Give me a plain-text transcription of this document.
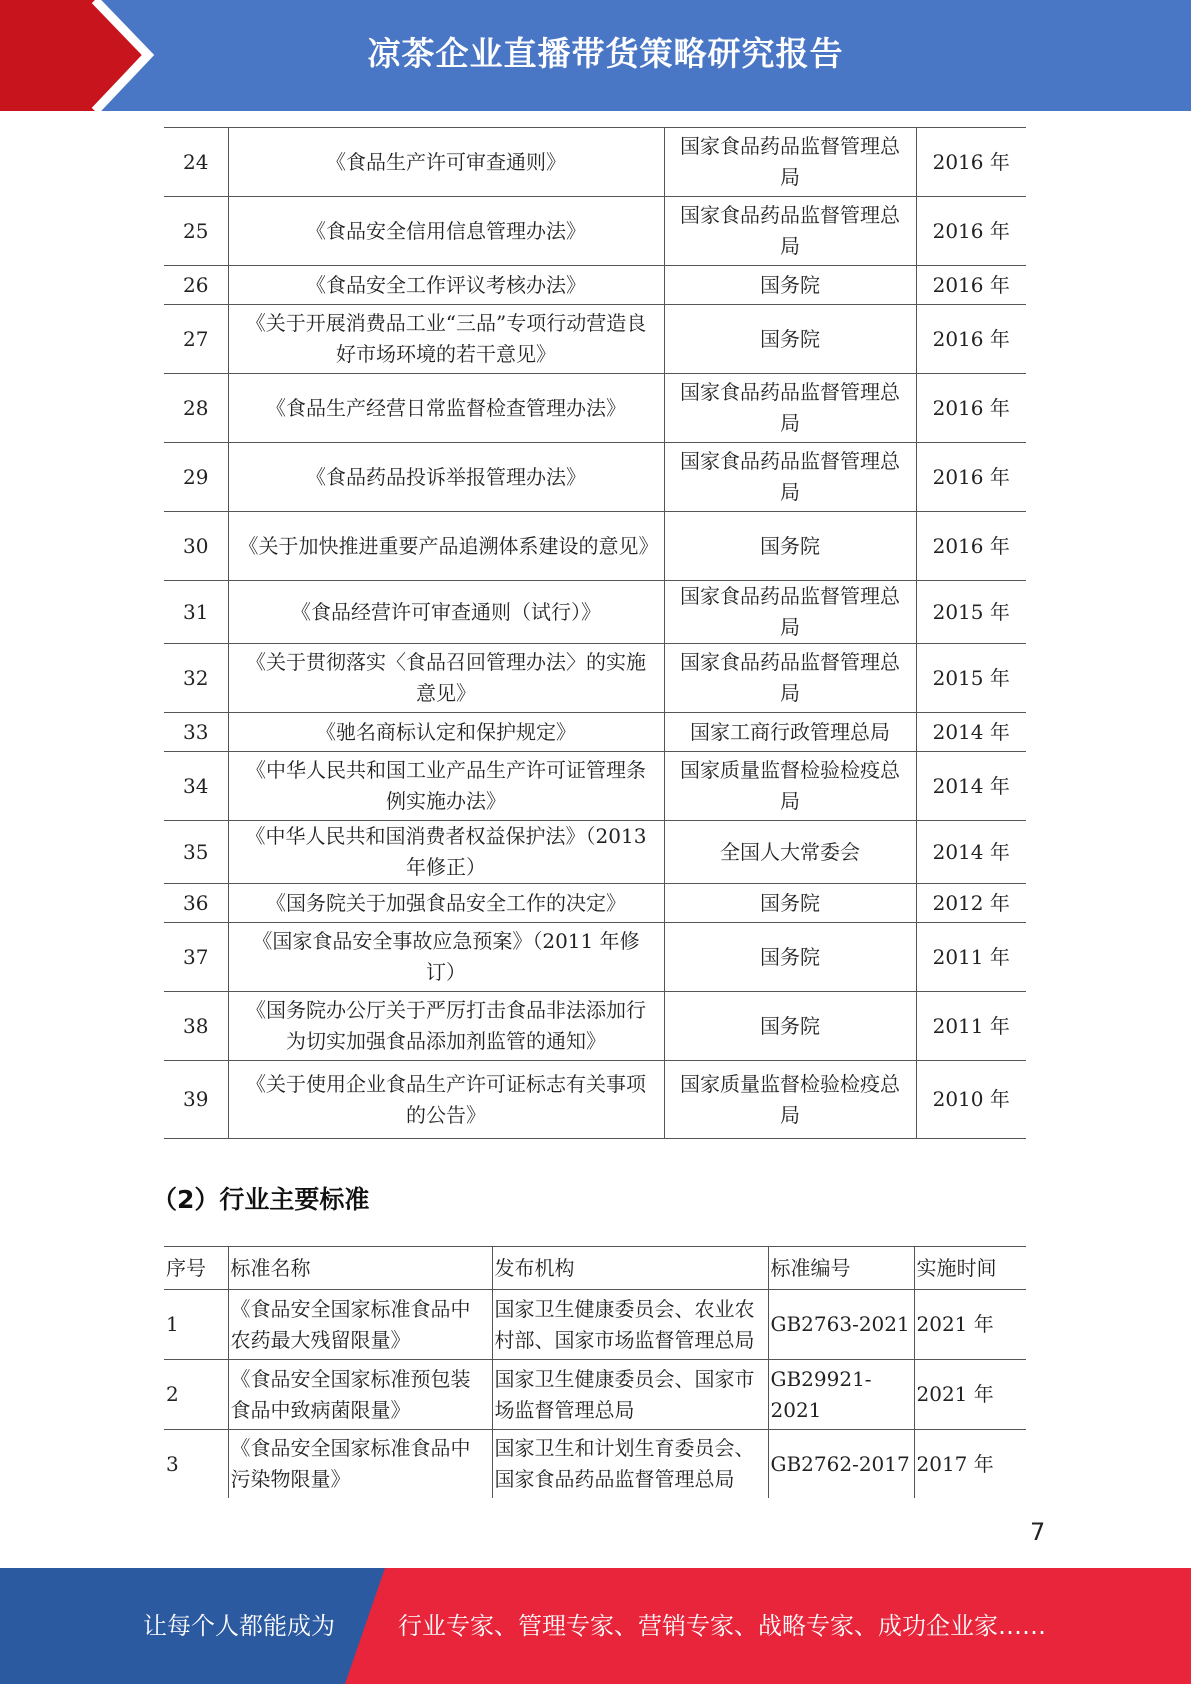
凉茶企业直播带货策略研究报告
24	《食品生产许可审查通则》	国家食品药品监督管理总局	2016 年
25	《食品安全信用信息管理办法》	国家食品药品监督管理总局	2016 年
26	《食品安全工作评议考核办法》	国务院	2016 年
27	《关于开展消费品工业“三品”专项行动营造良好市场环境的若干意见》	国务院	2016 年
28	《食品生产经营日常监督检查管理办法》	国家食品药品监督管理总局	2016 年
29	《食品药品投诉举报管理办法》	国家食品药品监督管理总局	2016 年
30	《关于加快推进重要产品追溯体系建设的意见》	国务院	2016 年
31	《食品经营许可审查通则（试行）》	国家食品药品监督管理总局	2015 年
32	《关于贯彻落实〈食品召回管理办法〉的实施意见》	国家食品药品监督管理总局	2015 年
33	《驰名商标认定和保护规定》	国家工商行政管理总局	2014 年
34	《中华人民共和国工业产品生产许可证管理条例实施办法》	国家质量监督检验检疫总局	2014 年
35	《中华人民共和国消费者权益保护法》（2013 年修正）	全国人大常委会	2014 年
36	《国务院关于加强食品安全工作的决定》	国务院	2012 年
37	《国家食品安全事故应急预案》（2011 年修订）	国务院	2011 年
38	《国务院办公厅关于严厉打击食品非法添加行为切实加强食品添加剂监管的通知》	国务院	2011 年
39	《关于使用企业食品生产许可证标志有关事项的公告》	国家质量监督检验检疫总局	2010 年
（2）行业主要标准
序号	标准名称	发布机构	标准编号	实施时间
1	《食品安全国家标准食品中农药最大残留限量》	国家卫生健康委员会、农业农村部、国家市场监督管理总局	GB2763-2021	2021 年
2	《食品安全国家标准预包装食品中致病菌限量》	国家卫生健康委员会、国家市场监督管理总局	GB29921-2021	2021 年
3	《食品安全国家标准食品中污染物限量》	国家卫生和计划生育委员会、国家食品药品监督管理总局	GB2762-2017	2017 年
7
让每个人都能成为	行业专家、管理专家、营销专家、战略专家、成功企业家……
